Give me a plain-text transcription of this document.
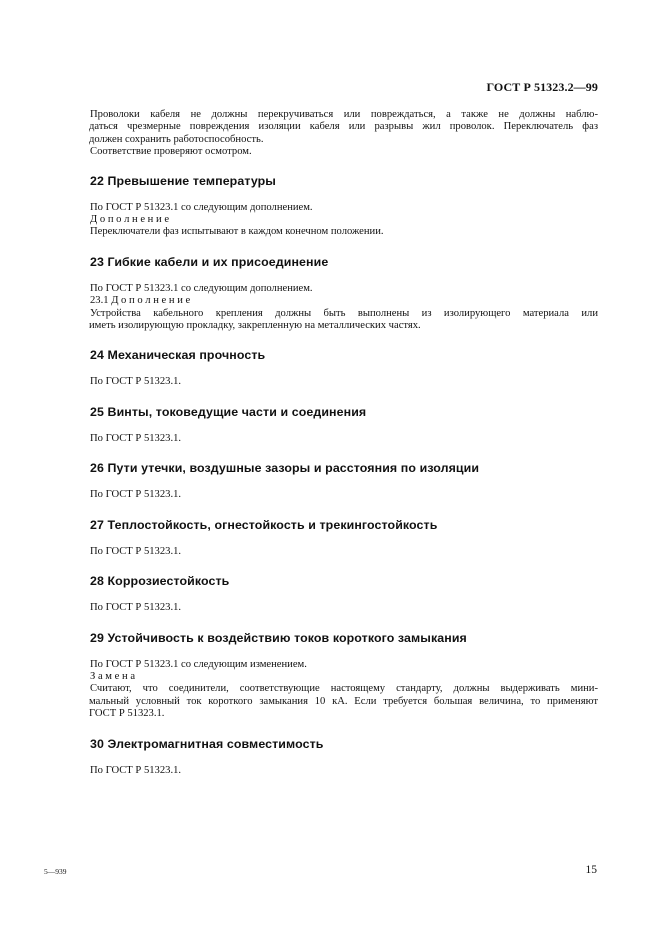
ГОСТ Р 51323.2—99

Проволоки кабеля не должны перекручиваться или повреждаться, а также не должны наблю-

даться чрезмерные повреждения изоляции кабеля или разрывы жил проволок. Переключатель фаз

должен сохранить работоспособность.

Соответствие проверяют осмотром.

22 Превышение температуры

По ГОСТ Р 51323.1 со следующим дополнением.

Д о п о л н е н и е

Переключатели фаз испытывают в каждом конечном положении.

23 Гибкие кабели и их присоединение

По ГОСТ Р 51323.1 со следующим дополнением.

23.1 Д о п о л н е н и е

Устройства кабельного крепления должны быть выполнены из изолирующего материала или

иметь изолирующую прокладку, закрепленную на металлических частях.

24 Механическая прочность

По ГОСТ Р 51323.1.

25 Винты, токоведущие части и соединения

По ГОСТ Р 51323.1.

26 Пути утечки, воздушные зазоры и расстояния по изоляции

По ГОСТ Р 51323.1.

27 Теплостойкость, огнестойкость и трекингостойкость

По ГОСТ Р 51323.1.

28 Коррозиестойкость

По ГОСТ Р 51323.1.

29 Устойчивость к воздействию токов короткого замыкания

По ГОСТ Р 51323.1 со следующим изменением.

З а м е н а

Считают, что соединители, соответствующие настоящему стандарту, должны выдерживать мини-

мальный условный ток короткого замыкания 10 кА. Если требуется большая величина, то применяют

ГОСТ Р 51323.1.

30 Электромагнитная совместимость

По ГОСТ Р 51323.1.

5—939	15
